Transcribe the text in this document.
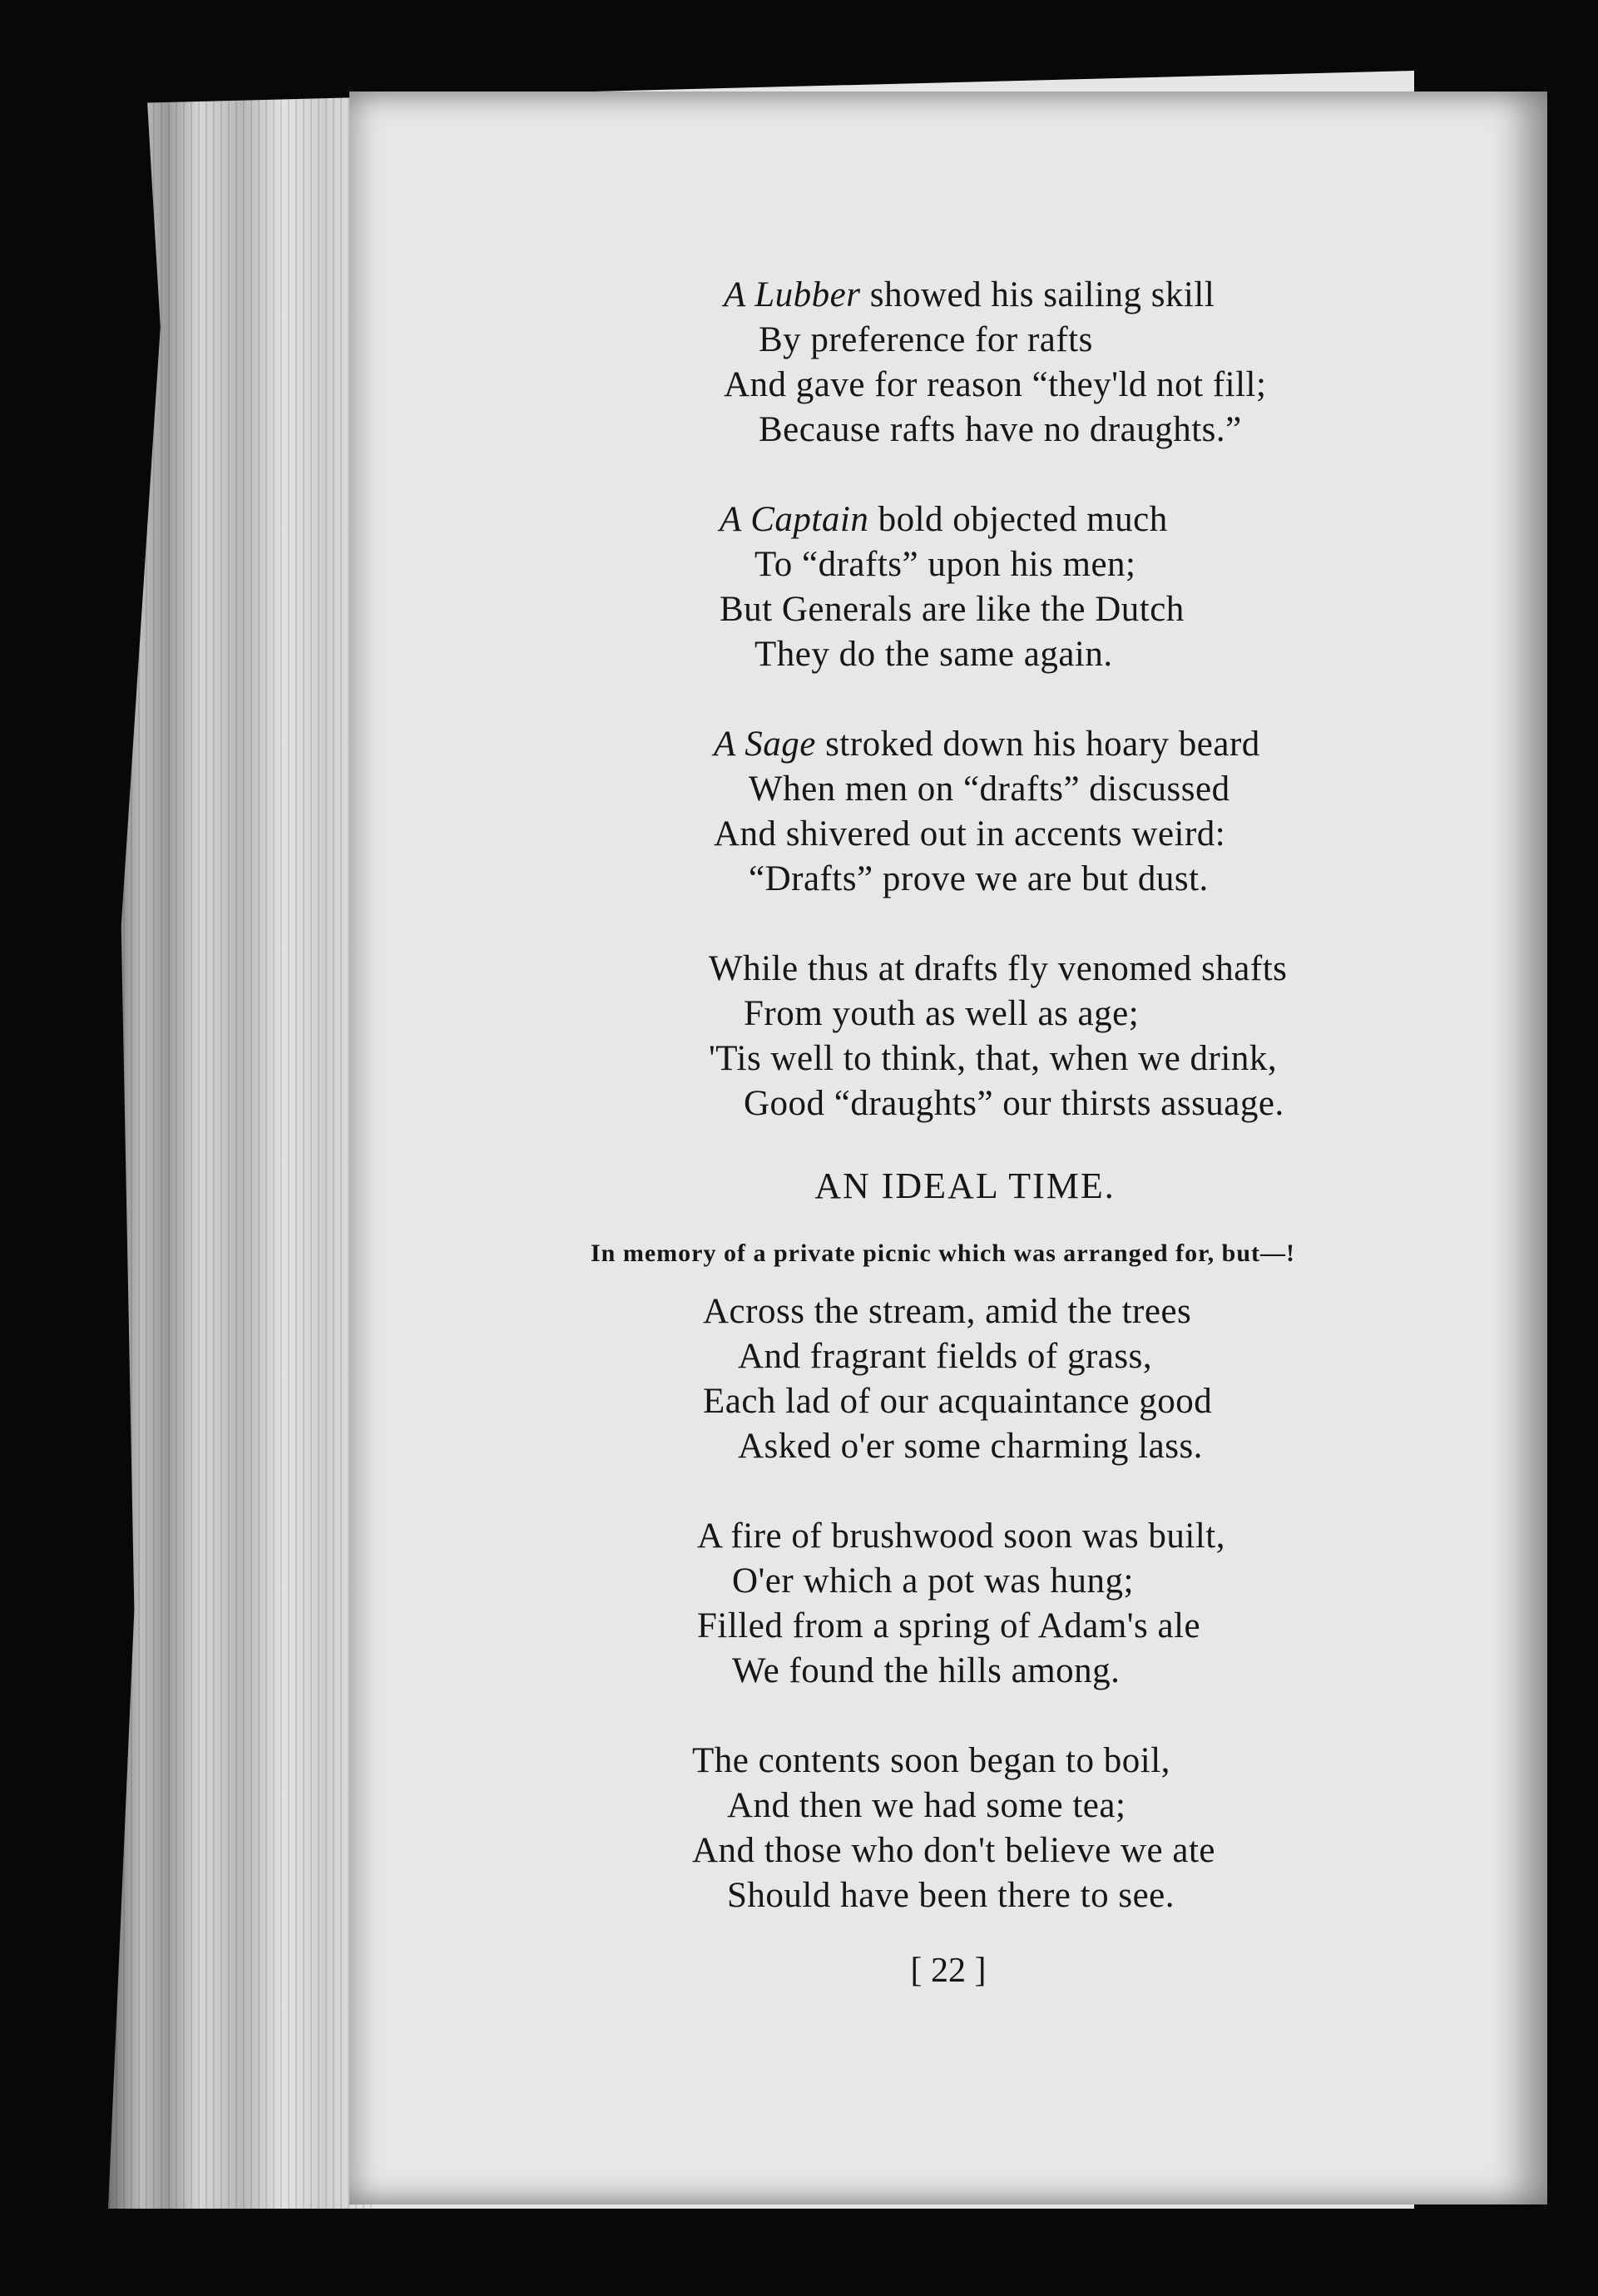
A Lubber showed his sailing skill
By preference for rafts
And gave for reason “they'ld not fill;
Because rafts have no draughts.”
A Captain bold objected much
To “drafts” upon his men;
But Generals are like the Dutch
They do the same again.
A Sage stroked down his hoary beard
When men on “drafts” discussed
And shivered out in accents weird:
“Drafts” prove we are but dust.
While thus at drafts fly venomed shafts
From youth as well as age;
'Tis well to think, that, when we drink,
Good “draughts” our thirsts assuage.
AN IDEAL TIME.
In memory of a private picnic which was arranged for, but—!
Across the stream, amid the trees
And fragrant fields of grass,
Each lad of our acquaintance good
Asked o'er some charming lass.
A fire of brushwood soon was built,
O'er which a pot was hung;
Filled from a spring of Adam's ale
We found the hills among.
The contents soon began to boil,
And then we had some tea;
And those who don't believe we ate
Should have been there to see.
[ 22 ]
